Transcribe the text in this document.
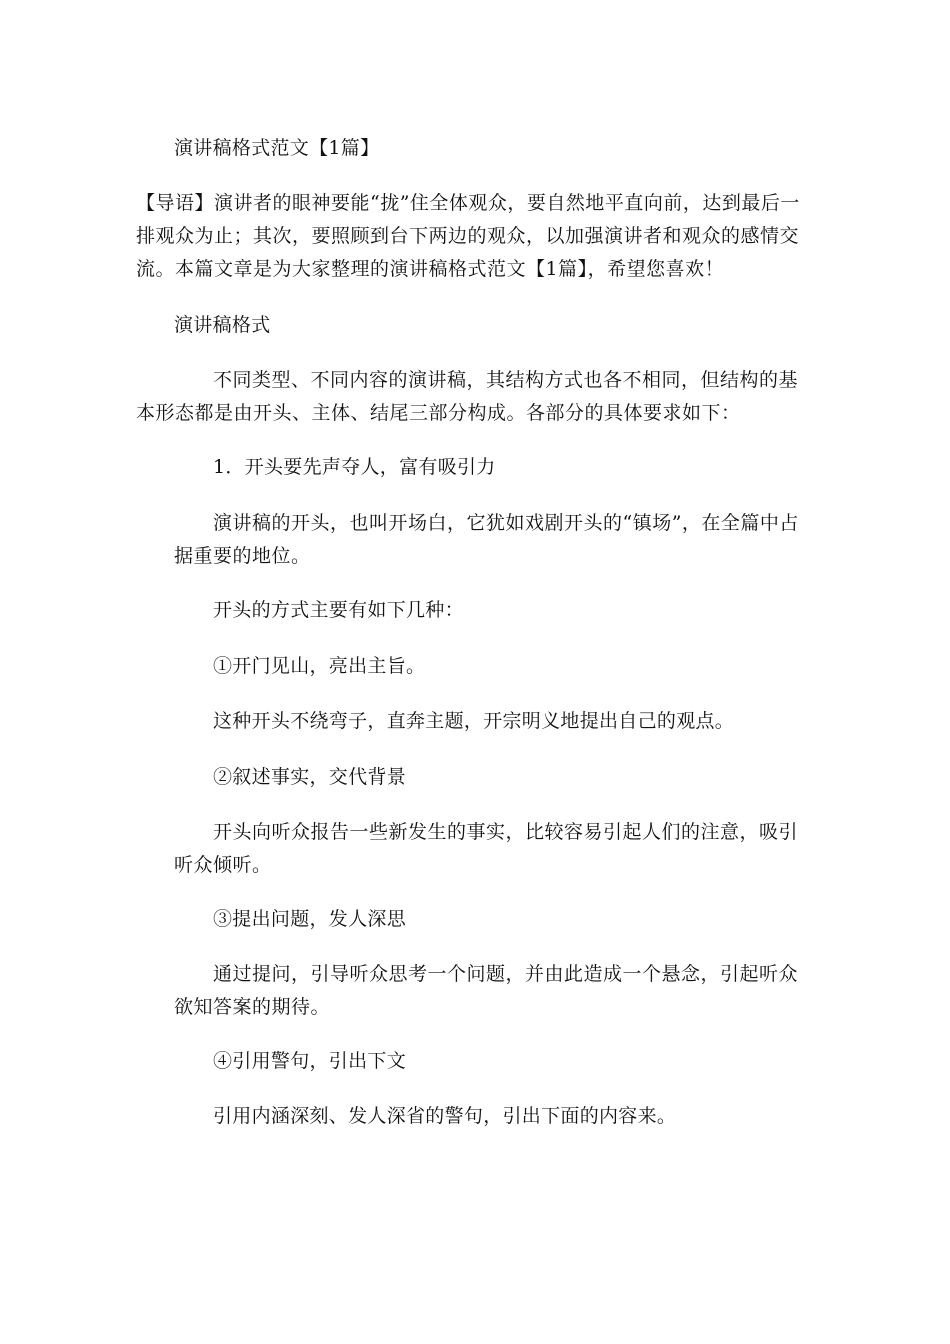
演讲稿格式范文【1篇】

【导语】演讲者的眼神要能“拢”住全体观众，要自然地平直向前，达到最后一排观众为止；其次，要照顾到台下两边的观众，以加强演讲者和观众的感情交流。本篇文章是为大家整理的演讲稿格式范文【1篇】，希望您喜欢！

演讲稿格式

不同类型、不同内容的演讲稿，其结构方式也各不相同，但结构的基本形态都是由开头、主体、结尾三部分构成。各部分的具体要求如下：

1．开头要先声夺人，富有吸引力

演讲稿的开头，也叫开场白，它犹如戏剧开头的“镇场”，在全篇中占据重要的地位。

开头的方式主要有如下几种：

①开门见山，亮出主旨。

这种开头不绕弯子，直奔主题，开宗明义地提出自己的观点。

②叙述事实，交代背景

开头向听众报告一些新发生的事实，比较容易引起人们的注意，吸引听众倾听。

③提出问题，发人深思

通过提问，引导听众思考一个问题，并由此造成一个悬念，引起听众欲知答案的期待。

④引用警句，引出下文

引用内涵深刻、发人深省的警句，引出下面的内容来。
